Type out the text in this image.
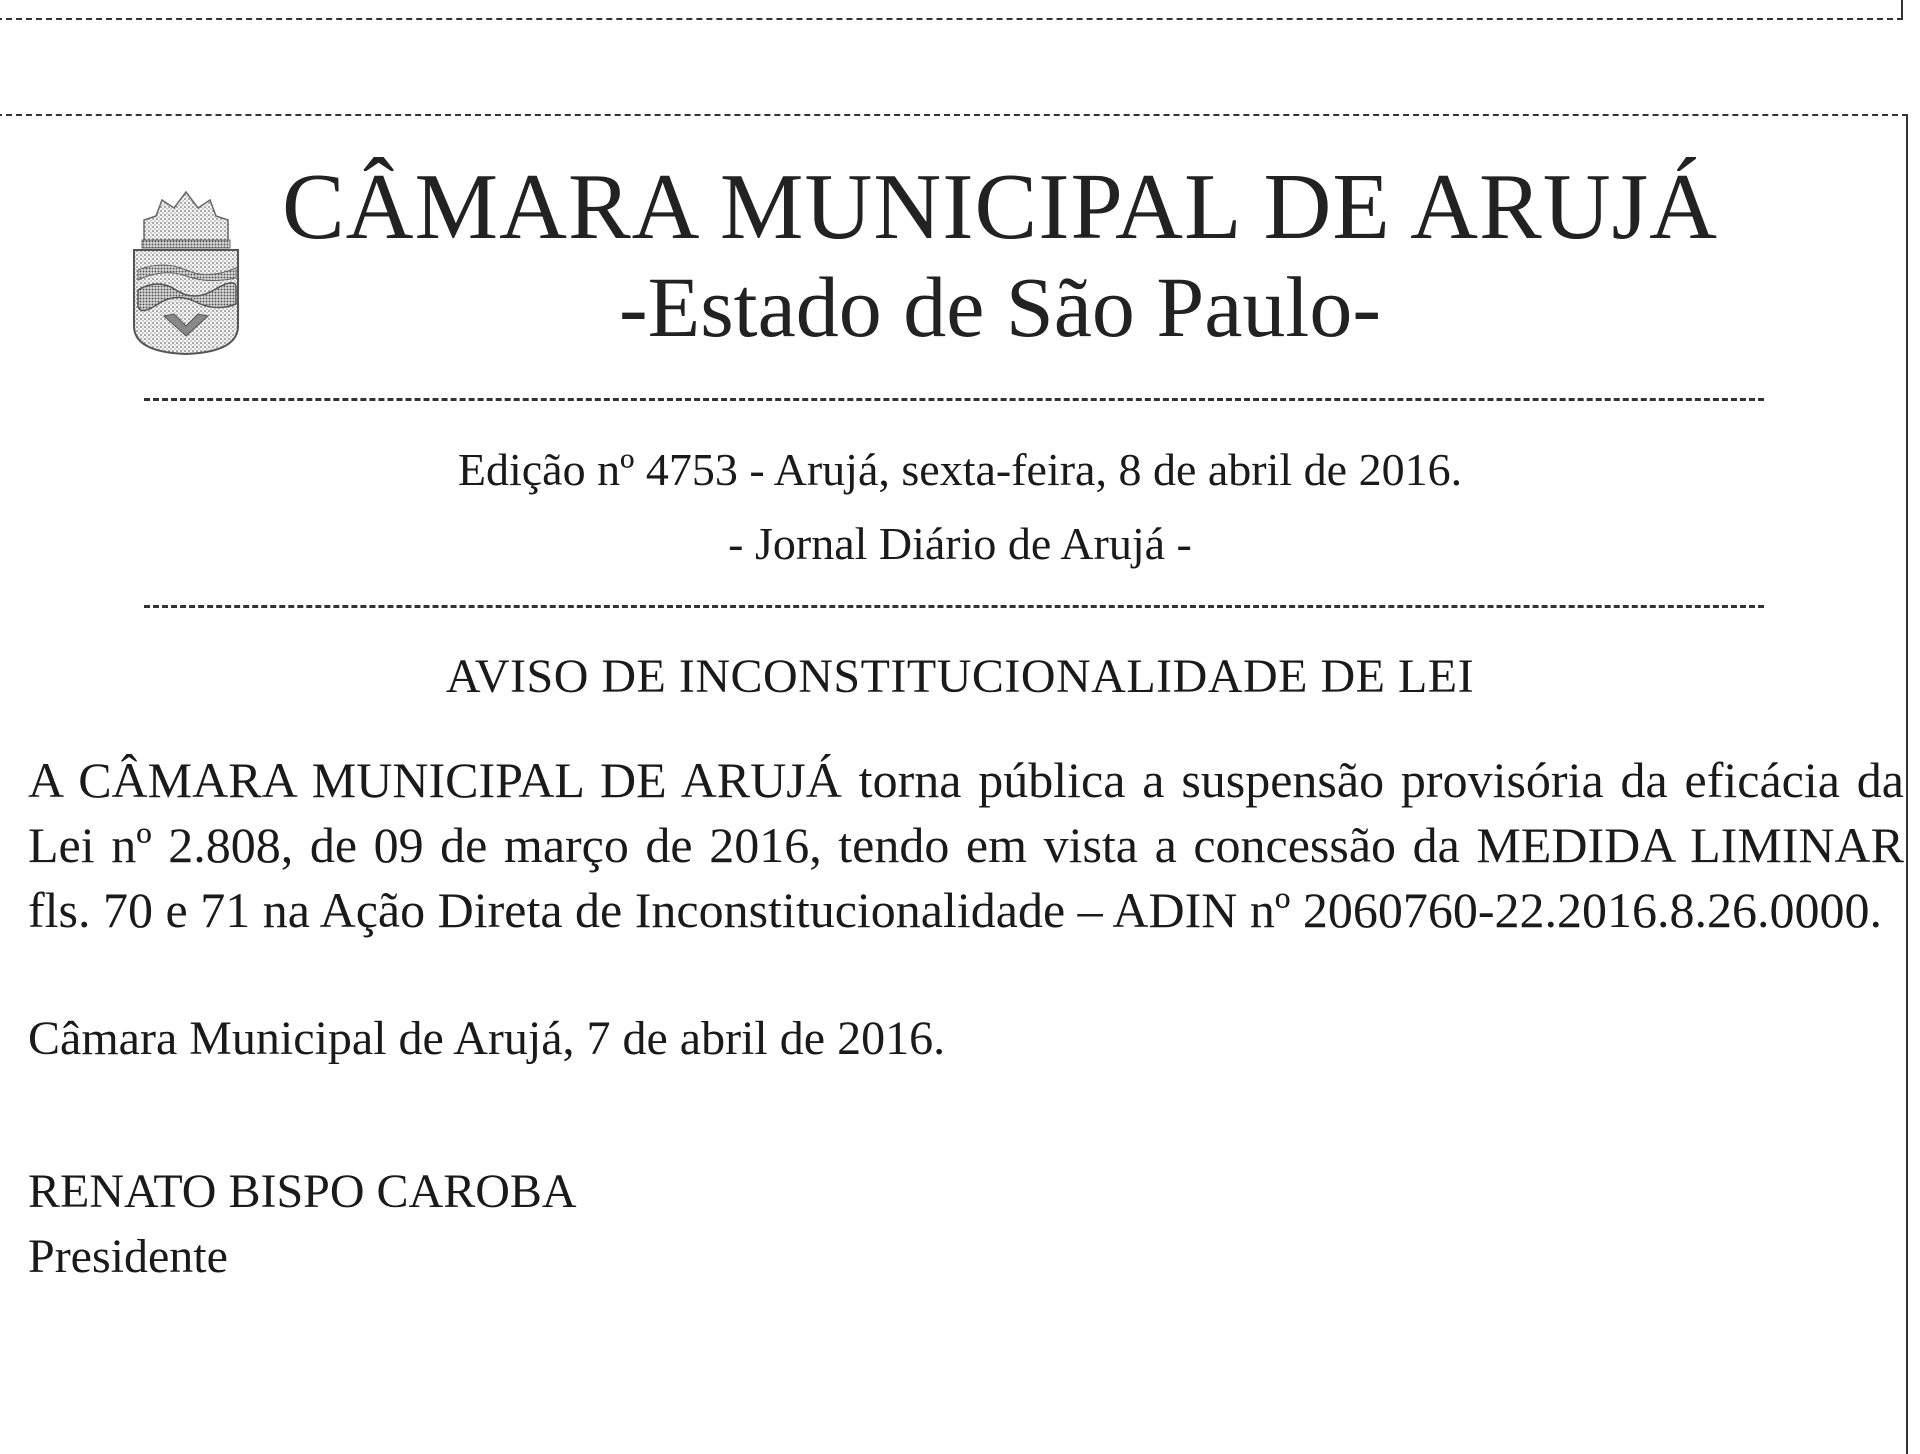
CÂMARA MUNICIPAL DE ARUJÁ
-Estado de São Paulo-
Edição nº 4753 - Arujá, sexta-feira, 8 de abril de 2016.
- Jornal Diário de Arujá -
AVISO DE INCONSTITUCIONALIDADE DE LEI
A CÂMARA MUNICIPAL DE ARUJÁ torna pública a suspensão provisória da eficácia da Lei nº 2.808, de 09 de março de 2016, tendo em vista a concessão da MEDIDA LIMINAR fls. 70 e 71 na Ação Direta de Inconstitucionalidade – ADIN nº 2060760-22.2016.8.26.0000.
Câmara Municipal de Arujá, 7 de abril de 2016.
RENATO BISPO CAROBA
Presidente
